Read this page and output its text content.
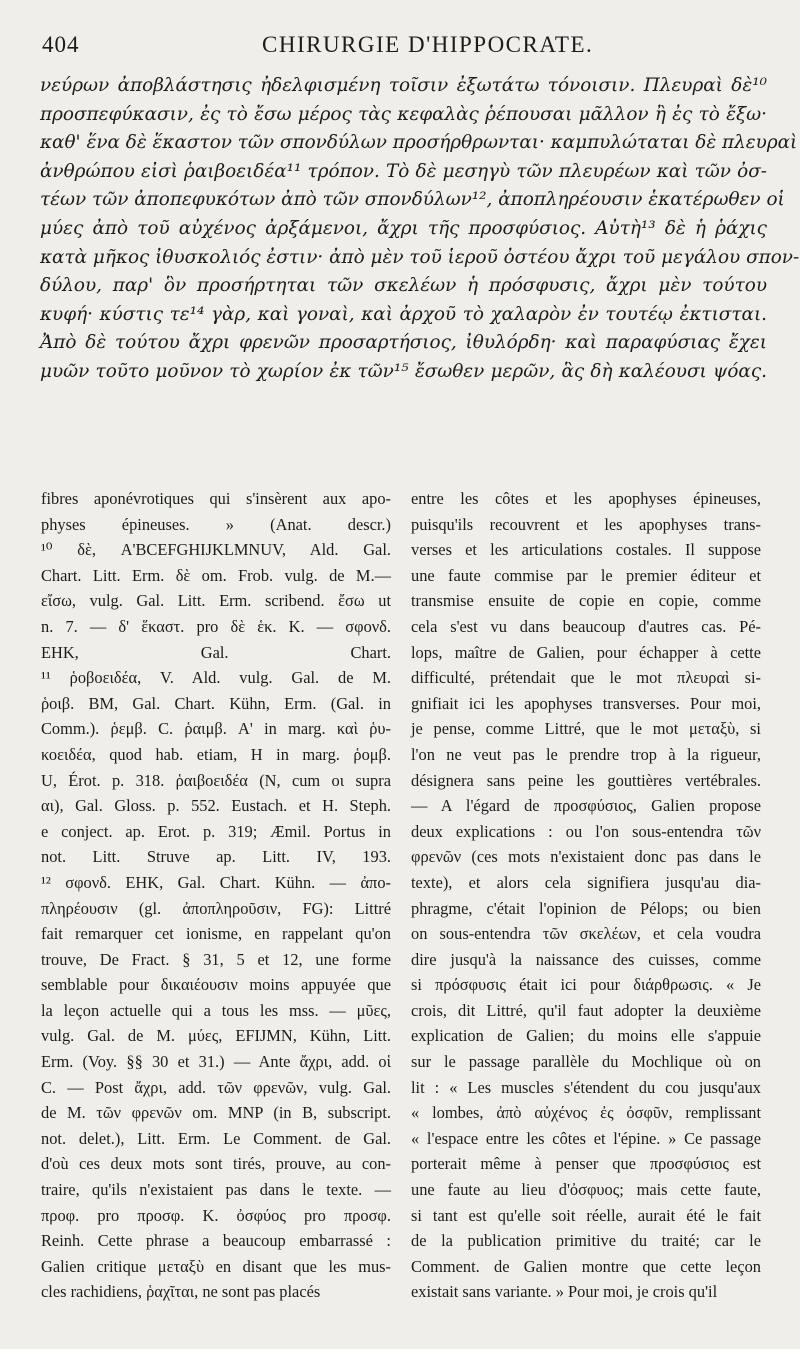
404	CHIRURGIE D'HIPPOCRATE.
νεύρων ἀποβλάστησις ἠδελφισμένη τοῖσιν ἐξωτάτω τόνοισιν. Πλευραὶ δὲ¹⁰
προσπεφύκασιν, ἐς τὸ ἔσω μέρος τὰς κεφαλὰς ῥέπουσαι μᾶλλον ἢ ἐς τὸ ἔξω·
καθ' ἕνα δὲ ἕκαστον τῶν σπονδύλων προσήρθρωνται· καμπυλώταται δὲ πλευραὶ
ἀνθρώπου εἰσὶ ῥαιβοειδέα¹¹ τρόπον. Τὸ δὲ μεσηγὺ τῶν πλευρέων καὶ τῶν ὀσ-
τέων τῶν ἀποπεφυκότων ἀπὸ τῶν σπονδύλων¹², ἀποπληρέουσιν ἑκατέρωθεν οἱ
μύες ἀπὸ τοῦ αὐχένος ἀρξάμενοι, ἄχρι τῆς προσφύσιος. Αὐτὴ¹³ δὲ ἡ ῥάχις
κατὰ μῆκος ἰθυσκολιός ἐστιν· ἀπὸ μὲν τοῦ ἱεροῦ ὀστέου ἄχρι τοῦ μεγάλου σπον-
δύλου, παρ' ὃν προσήρτηται τῶν σκελέων ἡ πρόσφυσις, ἄχρι μὲν τούτου
κυφή· κύστις τε¹⁴ γὰρ, καὶ γοναὶ, καὶ ἀρχοῦ τὸ χαλαρὸν ἐν τουτέῳ ἐκτισται.
Ἀπὸ δὲ τούτου ἄχρι φρενῶν προσαρτήσιος, ἰθυλόρδη· καὶ παραφύσιας ἔχει
μυῶν τοῦτο μοῦνον τὸ χωρίον ἐκ τῶν¹⁵ ἔσωθεν μερῶν, ἃς δὴ καλέουσι ψόας.
fibres aponévrotiques qui s'insèrent aux apo-
physes épineuses. » (Anat. descr.)
¹⁰ δὲ, A'BCEFGHIJKLMNUV, Ald. Gal.
Chart. Litt. Erm. δὲ om. Frob. vulg. de M.—
εἴσω, vulg. Gal. Litt. Erm. scribend. ἔσω ut
n. 7. — δ' ἕκαστ. pro δὲ ἑκ. K. — σφονδ.
EHK, Gal. Chart.
¹¹ ῥοβοειδέα, V. Ald. vulg. Gal. de M.
ῥοιβ. BM, Gal. Chart. Kühn, Erm. (Gal. in
Comm.). ῥεμβ. C. ῥαιμβ. A' in marg. καὶ ῥυ-
κοειδέα, quod hab. etiam, H in marg. ῥομβ.
U, Érot. p. 318. ῥαιβοειδέα (N, cum οι supra
αι), Gal. Gloss. p. 552. Eustach. et H. Steph.
e conject. ap. Erot. p. 319; Æmil. Portus in
not. Litt. Struve ap. Litt. IV, 193.
¹² σφονδ. EHK, Gal. Chart. Kühn. — ἀπο-
πληρέουσιν (gl. ἀποπληροῦσιν, FG): Littré
fait remarquer cet ionisme, en rappelant qu'on
trouve, De Fract. § 31, 5 et 12, une forme
semblable pour δικαιέουσιν moins appuyée que
la leçon actuelle qui a tous les mss. — μῦες,
vulg. Gal. de M. μύες, EFIJMN, Kühn, Litt.
Erm. (Voy. §§ 30 et 31.) — Ante ἄχρι, add. οἱ
C. — Post ἄχρι, add. τῶν φρενῶν, vulg. Gal.
de M. τῶν φρενῶν om. MNP (in B, subscript.
not. delet.), Litt. Erm. Le Comment. de Gal.
d'où ces deux mots sont tirés, prouve, au con-
traire, qu'ils n'existaient pas dans le texte. —
προφ. pro προσφ. K. ὀσφύος pro προσφ.
Reinh. Cette phrase a beaucoup embarrassé :
Galien critique μεταξὺ en disant que les mus-
cles rachidiens, ῥαχῖται, ne sont pas placés
entre les côtes et les apophyses épineuses,
puisqu'ils recouvrent et les apophyses trans-
verses et les articulations costales. Il suppose
une faute commise par le premier éditeur et
transmise ensuite de copie en copie, comme
cela s'est vu dans beaucoup d'autres cas. Pé-
lops, maître de Galien, pour échapper à cette
difficulté, prétendait que le mot πλευραὶ si-
gnifiait ici les apophyses transverses. Pour moi,
je pense, comme Littré, que le mot μεταξὺ, si
l'on ne veut pas le prendre trop à la rigueur,
désignera sans peine les gouttières vertébrales.
— A l'égard de προσφύσιος, Galien propose
deux explications : ou l'on sous-entendra τῶν
φρενῶν (ces mots n'existaient donc pas dans le
texte), et alors cela signifiera jusqu'au dia-
phragme, c'était l'opinion de Pélops; ou bien
on sous-entendra τῶν σκελέων, et cela voudra
dire jusqu'à la naissance des cuisses, comme
si πρόσφυσις était ici pour διάρθρωσις. « Je
crois, dit Littré, qu'il faut adopter la deuxième
explication de Galien; du moins elle s'appuie
sur le passage parallèle du Mochlique où on
lit : « Les muscles s'étendent du cou jusqu'aux
« lombes, ἀπὸ αὐχένος ἐς ὀσφῦν, remplissant
« l'espace entre les côtes et l'épine. » Ce passage
porterait même à penser que προσφύσιος est
une faute au lieu d'ὀσφυος; mais cette faute,
si tant est qu'elle soit réelle, aurait été le fait
de la publication primitive du traité; car le
Comment. de Galien montre que cette leçon
existait sans variante. » Pour moi, je crois qu'il
